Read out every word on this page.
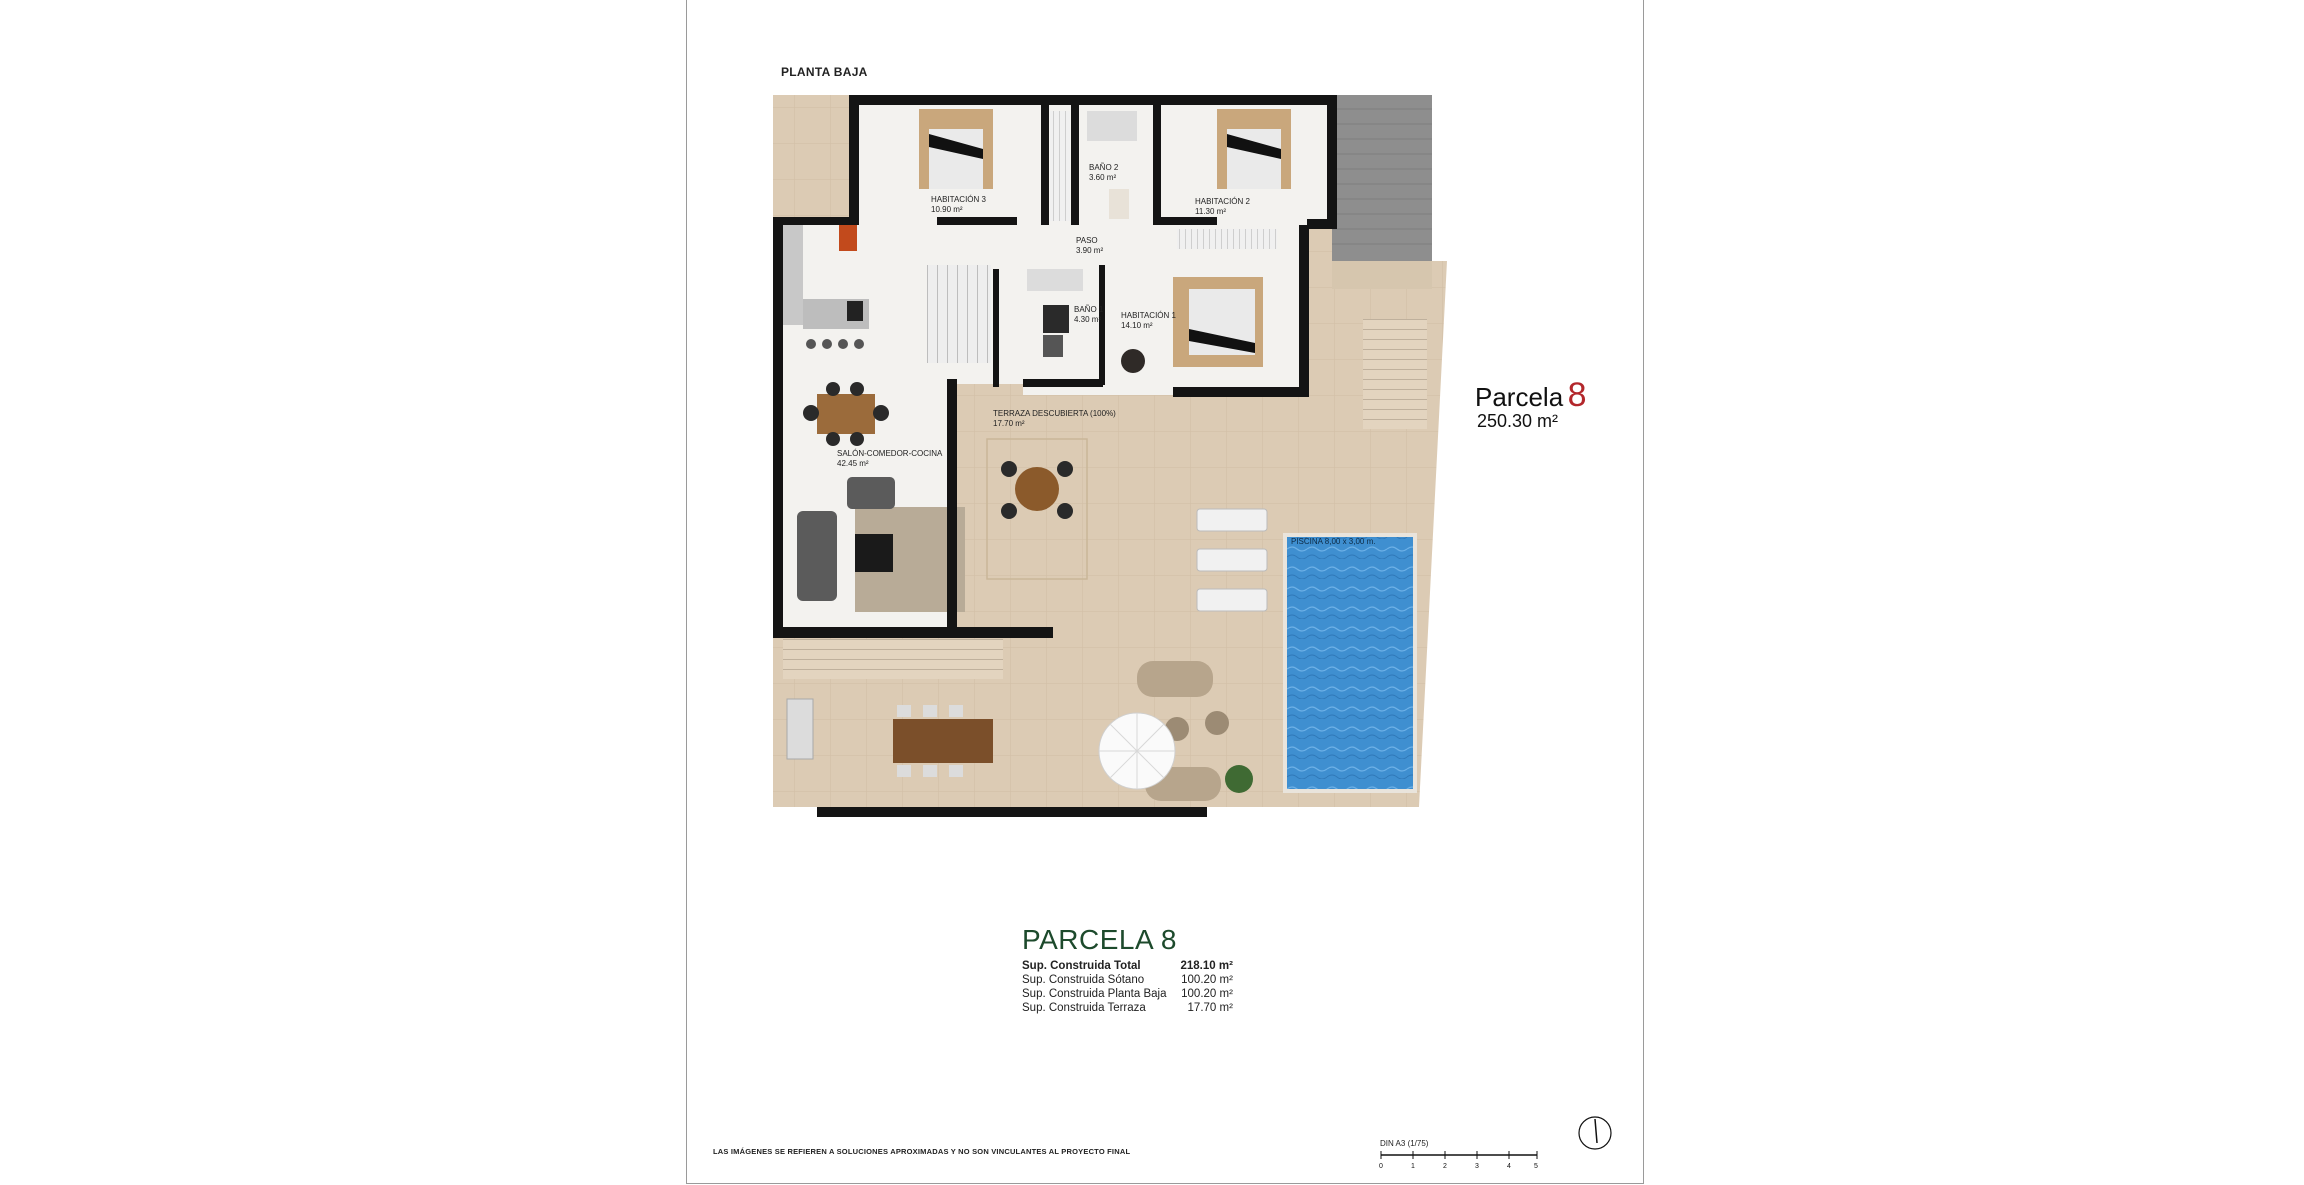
PLANTA BAJA
HABITACIÓN 3
10.90 m²
BAÑO 2
3.60 m²
HABITACIÓN 2
11.30 m²
PASO
3.90 m²
BAÑO 1
4.30 m² HABITACIÓN 1
14.10 m²
TERRAZA DESCUBIERTA (100%)
17.70 m²
SALÓN-COMEDOR-COCINA
42.45 m²
PISCINA 8,00 x 3,00 m.
Parcela 8
250.30 m²
PARCELA 8
Sup. Construida Total	218.10 m²
Sup. Construida Sótano	100.20 m²
Sup. Construida Planta Baja	100.20 m²
Sup. Construida Terraza	17.70 m²
LAS IMÁGENES SE REFIEREN A SOLUCIONES APROXIMADAS Y NO SON VINCULANTES AL PROYECTO FINAL
DIN A3 (1/75)
0	1	2	3	4	5
